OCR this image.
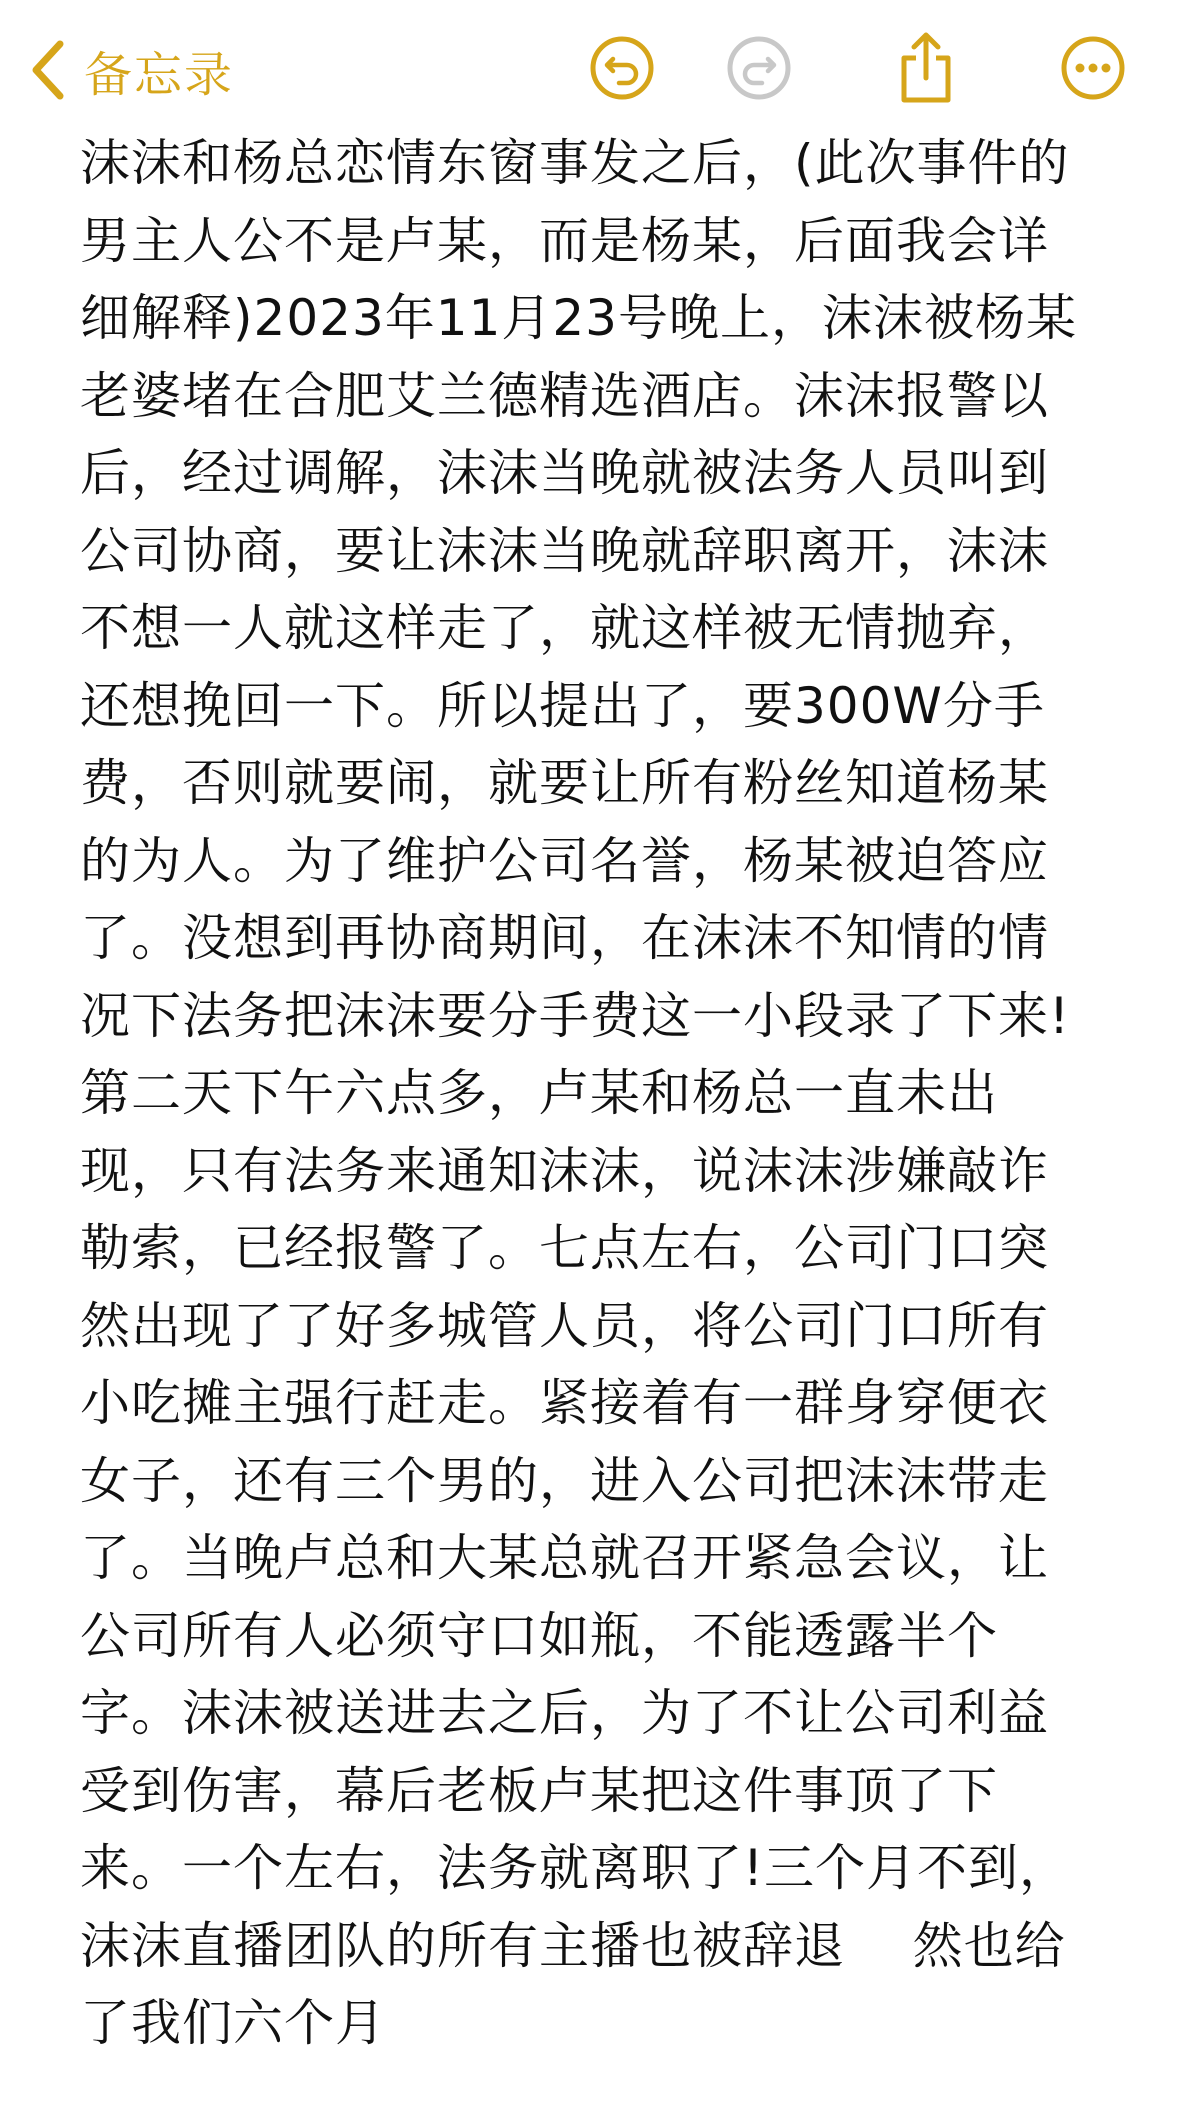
备忘录
沫沫和杨总恋情东窗事发之后，(此次事件的
男主人公不是卢某，而是杨某，后面我会详
细解释)2023年11月23号晚上，沫沫被杨某
老婆堵在合肥艾兰德精选酒店。沫沫报警以
后，经过调解，沫沫当晚就被法务人员叫到
公司协商，要让沫沫当晚就辞职离开，沫沫
不想一人就这样走了，就这样被无情抛弃，
还想挽回一下。所以提出了，要300W分手
费，否则就要闹，就要让所有粉丝知道杨某
的为人。为了维护公司名誉，杨某被迫答应
了。没想到再协商期间，在沫沫不知情的情
况下法务把沫沫要分手费这一小段录了下来!
第二天下午六点多，卢某和杨总一直未出
现，只有法务来通知沫沫，说沫沫涉嫌敲诈
勒索，已经报警了。七点左右，公司门口突
然出现了了好多城管人员，将公司门口所有
小吃摊主强行赶走。紧接着有一群身穿便衣
女子，还有三个男的，进入公司把沫沫带走
了。当晚卢总和大某总就召开紧急会议，让
公司所有人必须守口如瓶，不能透露半个
字。沫沫被送进去之后，为了不让公司利益
受到伤害，幕后老板卢某把这件事顶了下
来。一个左右，法务就离职了!三个月不到，
沫沫直播团队的所有主播也被辞退    然也给
了我们六个月
